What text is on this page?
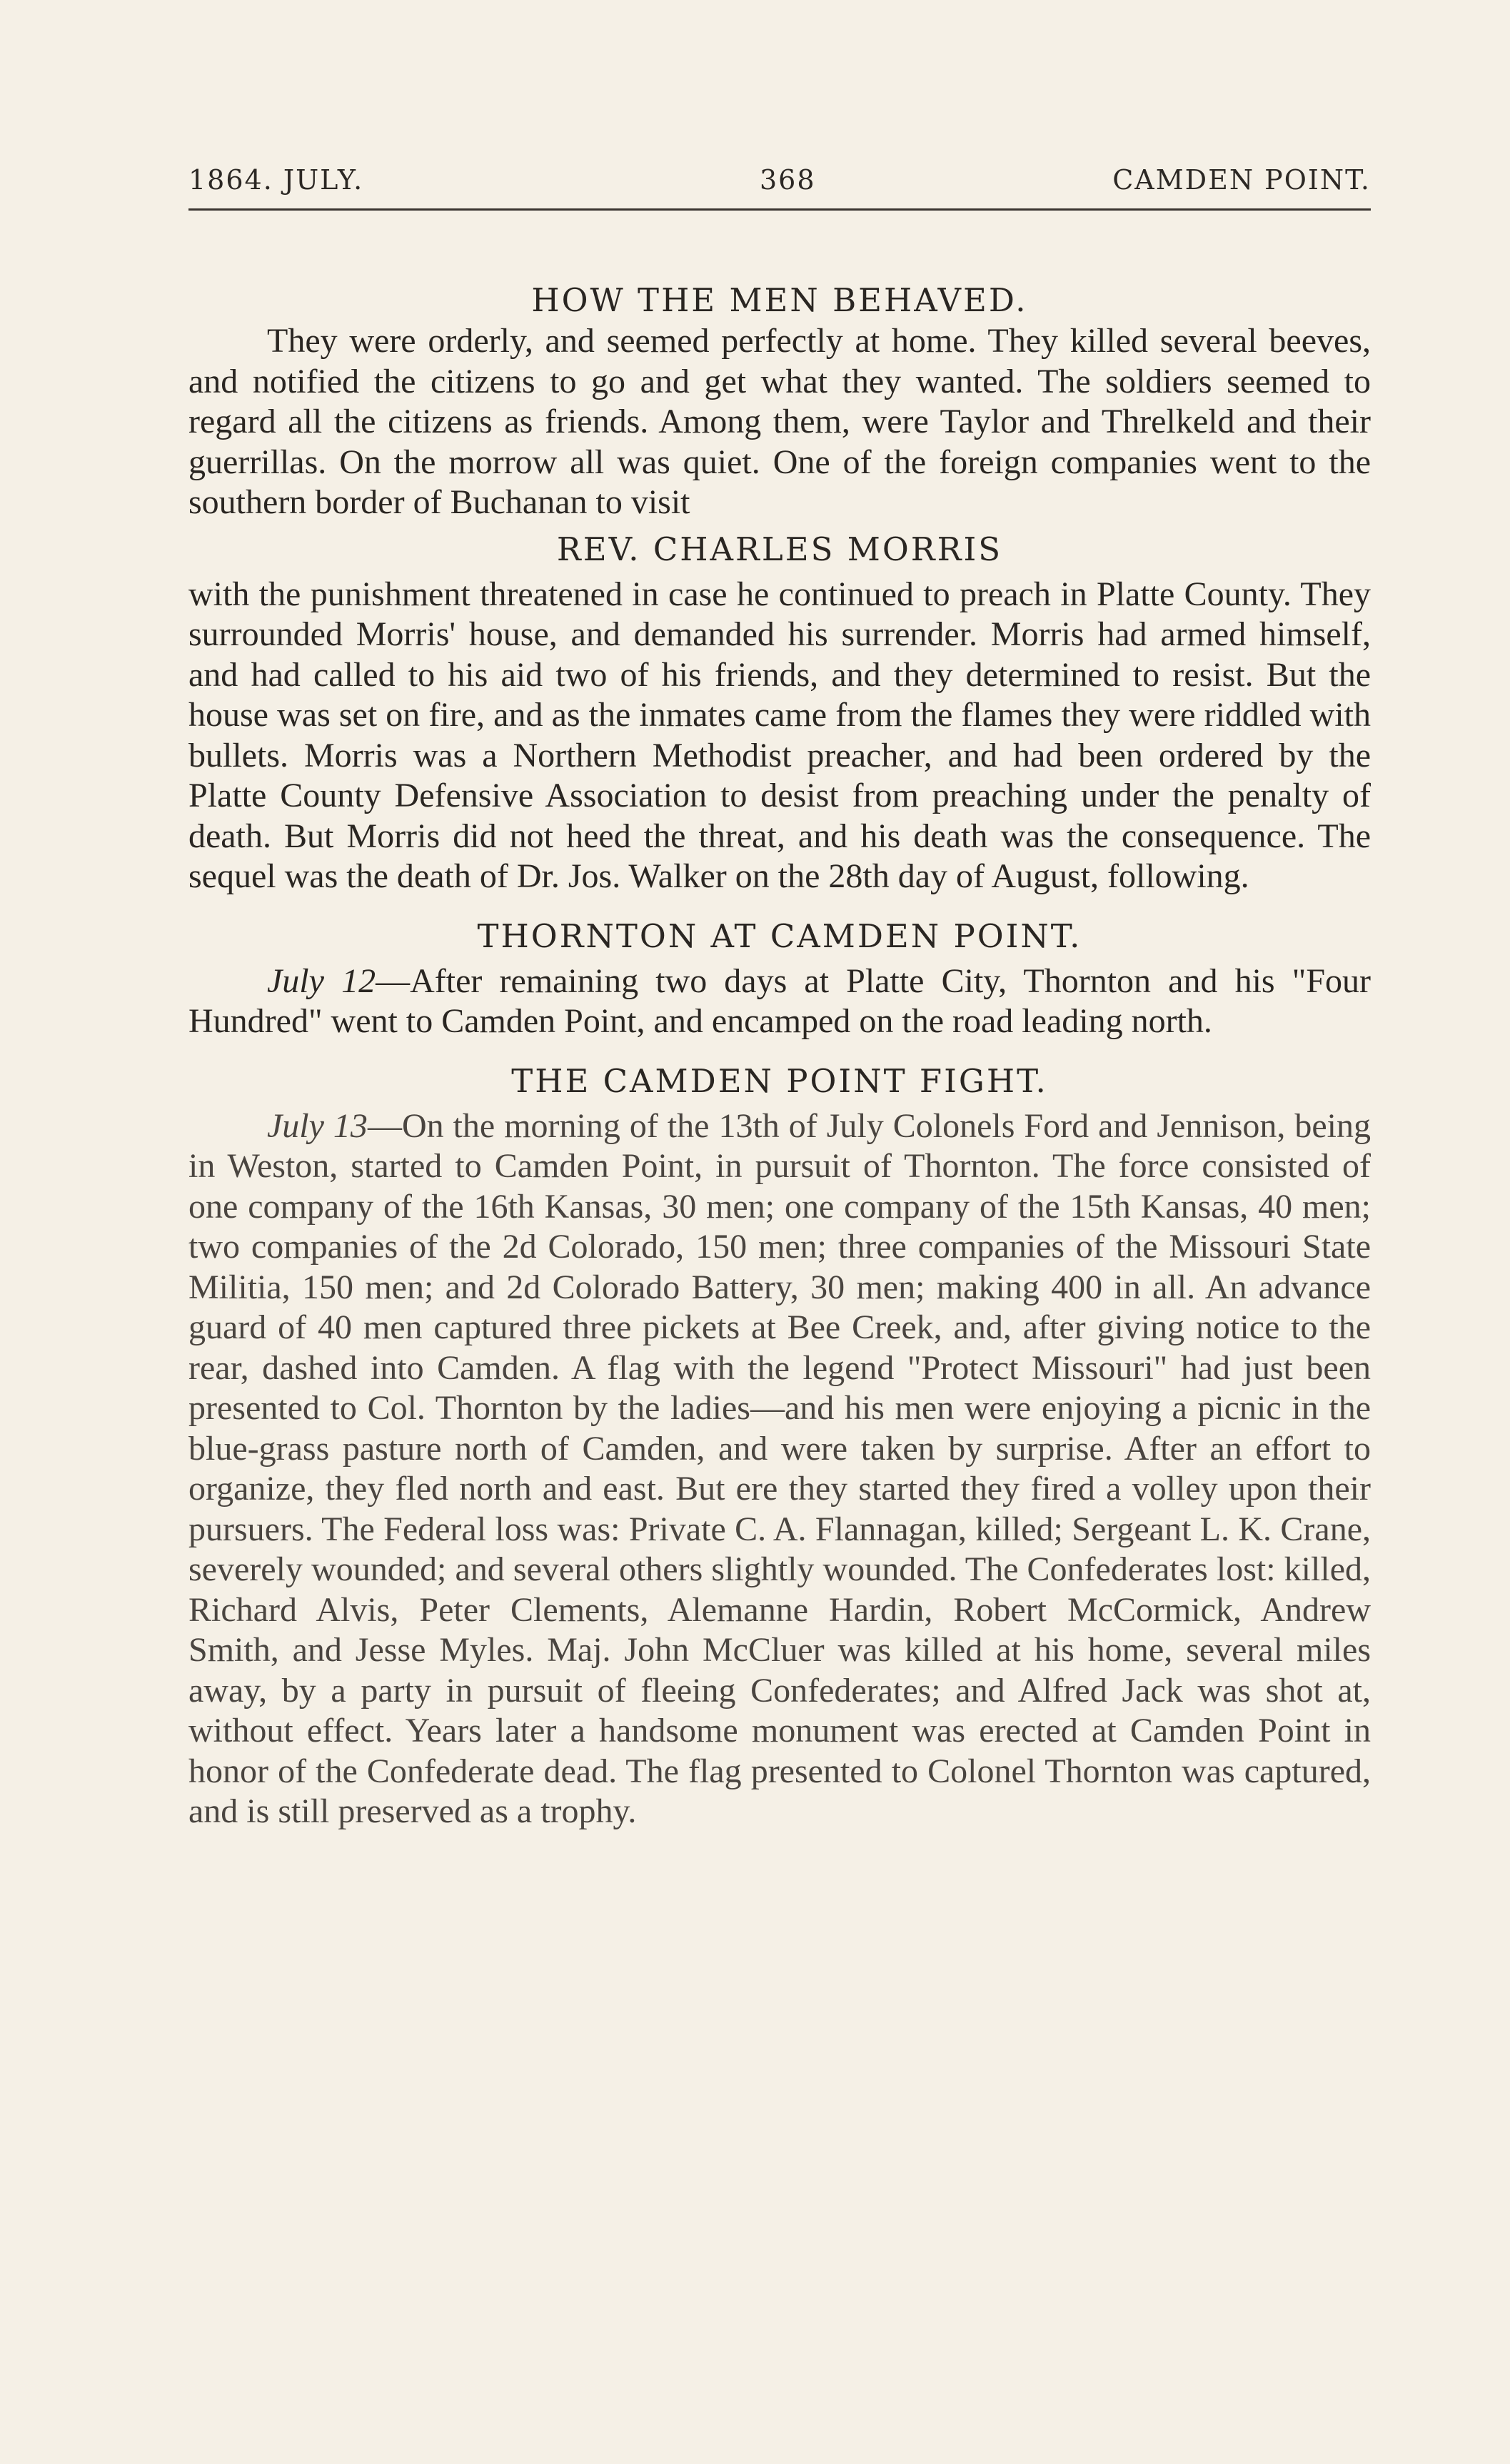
1864. JULY.	368	CAMDEN POINT.
HOW THE MEN BEHAVED.

They were orderly, and seemed perfectly at home. They killed several beeves, and notified the citizens to go and get what they wanted. The soldiers seemed to regard all the citizens as friends. Among them, were Taylor and Threlkeld and their guerrillas. On the morrow all was quiet. One of the foreign companies went to the southern border of Buchanan to visit

REV. CHARLES MORRIS

with the punishment threatened in case he continued to preach in Platte County. They surrounded Morris' house, and demanded his surrender. Morris had armed himself, and had called to his aid two of his friends, and they determined to resist. But the house was set on fire, and as the inmates came from the flames they were riddled with bullets. Morris was a Northern Methodist preacher, and had been ordered by the Platte County Defensive Association to desist from preaching under the penalty of death. But Morris did not heed the threat, and his death was the consequence. The sequel was the death of Dr. Jos. Walker on the 28th day of August, following.

THORNTON AT CAMDEN POINT.

July 12—After remaining two days at Platte City, Thornton and his "Four Hundred" went to Camden Point, and encamped on the road leading north.

THE CAMDEN POINT FIGHT.

July 13—On the morning of the 13th of July Colonels Ford and Jennison, being in Weston, started to Camden Point, in pursuit of Thornton. The force consisted of one company of the 16th Kansas, 30 men; one company of the 15th Kansas, 40 men; two companies of the 2d Colorado, 150 men; three companies of the Missouri State Militia, 150 men; and 2d Colorado Battery, 30 men; making 400 in all. An advance guard of 40 men captured three pickets at Bee Creek, and, after giving notice to the rear, dashed into Camden. A flag with the legend "Protect Missouri" had just been presented to Col. Thornton by the ladies—and his men were enjoying a picnic in the blue-grass pasture north of Camden, and were taken by surprise. After an effort to organize, they fled north and east. But ere they started they fired a volley upon their pursuers. The Federal loss was: Private C. A. Flannagan, killed; Sergeant L. K. Crane, severely wounded; and several others slightly wounded. The Confederates lost: killed, Richard Alvis, Peter Clements, Alemanne Hardin, Robert McCormick, Andrew Smith, and Jesse Myles. Maj. John McCluer was killed at his home, several miles away, by a party in pursuit of fleeing Confederates; and Alfred Jack was shot at, without effect. Years later a handsome monument was erected at Camden Point in honor of the Confederate dead. The flag presented to Colonel Thornton was captured, and is still preserved as a trophy.
